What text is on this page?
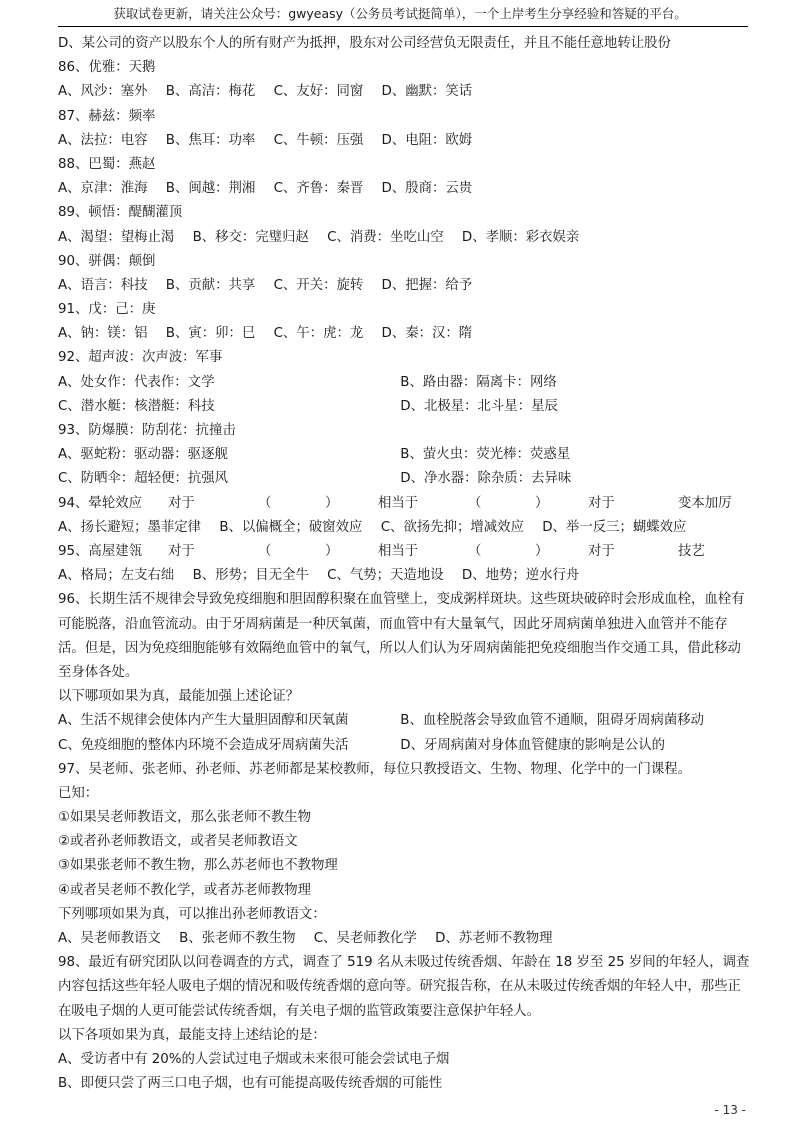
获取试卷更新，请关注公众号：gwyeasy（公务员考试挺简单），一个上岸考生分享经验和答疑的平台。
D、某公司的资产以股东个人的所有财产为抵押，股东对公司经营负无限责任，并且不能任意地转让股份
86、优雅：天鹅
A、风沙：塞外 B、高洁：梅花 C、友好：同窗 D、幽默：笑话
87、赫兹：频率
A、法拉：电容 B、焦耳：功率 C、牛顿：压强 D、电阻：欧姆
88、巴蜀：燕赵
A、京津：淮海 B、闽越：荆湘 C、齐鲁：秦晋 D、殷商：云贵
89、顿悟：醍醐灌顶
A、渴望：望梅止渴 B、移交：完璧归赵 C、消费：坐吃山空 D、孝顺：彩衣娱亲
90、骈偶：颠倒
A、语言：科技 B、贡献：共享 C、开关：旋转 D、把握：给予
91、戊：己：庚
A、钠：镁：铝 B、寅：卯：巳 C、午：虎：龙 D、秦：汉：隋
92、超声波：次声波：军事
A、处女作：代表作：文学	B、路由器：隔离卡：网络
C、潜水艇：核潜艇：科技	D、北极星：北斗星：星辰
93、防爆膜：防刮花：抗撞击
A、驱蛇粉：驱动器：驱逐舰	B、萤火虫：荧光棒：荧惑星
C、防晒伞：超轻便：抗强风	D、净水器：除杂质：去异味
94、晕轮效应 对于	（　　　　）	相当于	（　　　　）	对于	变本加厉
A、扬长避短；墨菲定律 B、以偏概全；破窗效应 C、欲扬先抑；增减效应 D、举一反三；蝴蝶效应
95、高屋建瓴 对于	（　　　　）	相当于	（　　　　）	对于	技艺
A、格局；左支右绌 B、形势；目无全牛 C、气势；天造地设 D、地势；逆水行舟
96、长期生活不规律会导致免疫细胞和胆固醇积聚在血管壁上，变成粥样斑块。这些斑块破碎时会形成血栓，血栓有可能脱落，沿血管流动。由于牙周病菌是一种厌氧菌，而血管中有大量氧气，因此牙周病菌单独进入血管并不能存活。但是，因为免疫细胞能够有效隔绝血管中的氧气，所以人们认为牙周病菌能把免疫细胞当作交通工具，借此移动至身体各处。
以下哪项如果为真，最能加强上述论证？
A、生活不规律会使体内产生大量胆固醇和厌氧菌	B、血栓脱落会导致血管不通顺，阻碍牙周病菌移动
C、免疫细胞的整体内环境不会造成牙周病菌失活	D、牙周病菌对身体血管健康的影响是公认的
97、吴老师、张老师、孙老师、苏老师都是某校教师，每位只教授语文、生物、物理、化学中的一门课程。
已知：
①如果吴老师教语文，那么张老师不教生物
②或者孙老师教语文，或者吴老师教语文
③如果张老师不教生物，那么苏老师也不教物理
④或者吴老师不教化学，或者苏老师教物理
下列哪项如果为真，可以推出孙老师教语文：
A、吴老师教语文 B、张老师不教生物 C、吴老师教化学 D、苏老师不教物理
98、最近有研究团队以问卷调查的方式，调查了 519 名从未吸过传统香烟、年龄在 18 岁至 25 岁间的年轻人，调查内容包括这些年轻人吸电子烟的情况和吸传统香烟的意向等。研究报告称，在从未吸过传统香烟的年轻人中，那些正在吸电子烟的人更可能尝试传统香烟，有关电子烟的监管政策要注意保护年轻人。
以下各项如果为真，最能支持上述结论的是：
A、受访者中有 20%的人尝试过电子烟或未来很可能会尝试电子烟
B、即便只尝了两三口电子烟，也有可能提高吸传统香烟的可能性
- 13 -
